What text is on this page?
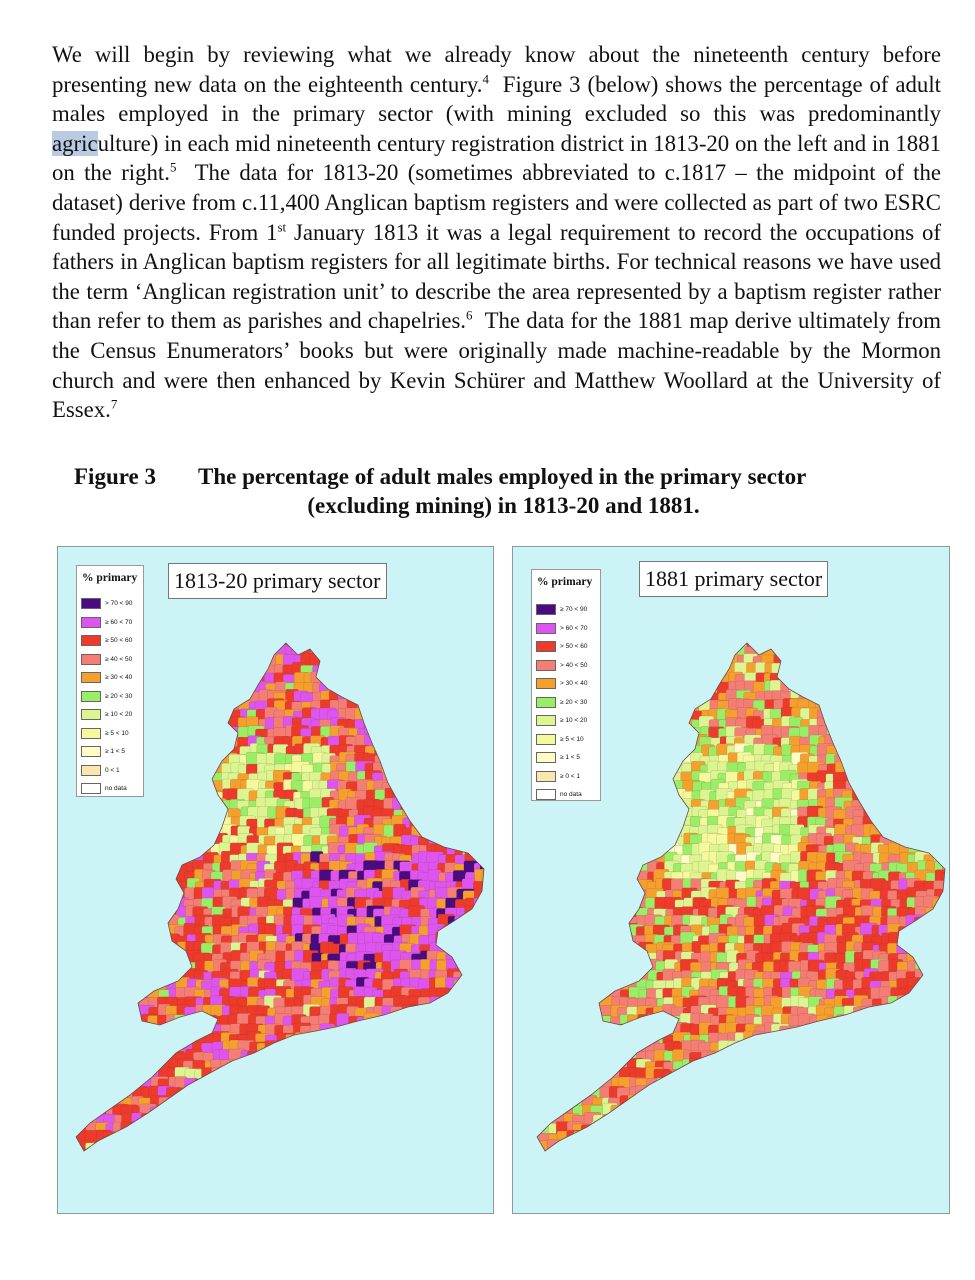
We will begin by reviewing what we already know about the nineteenth century before presenting new data on the eighteenth century.$^4$ Figure 3 (below) shows the percentage of adult males employed in the primary sector (with mining excluded so this was predominantly agriculture) in each mid nineteenth century registration district in 1813-20 on the left and in 1881 on the right.$^5$ The data for 1813-20 (sometimes abbreviated to c.1817 – the midpoint of the dataset) derive from c.11,400 Anglican baptism registers and were collected as part of two ESRC funded projects. From 1st January 1813 it was a legal requirement to record the occupations of fathers in Anglican baptism registers for all legitimate births. For technical reasons we have used the term ‘Anglican registration unit’ to describe the area represented by a baptism register rather than refer to them as parishes and chapelries.$^6$ The data for the 1881 map derive ultimately from the Census Enumerators’ books but were originally made machine-readable by the Mormon church and were then enhanced by Kevin Schürer and Matthew Woollard at the University of Essex.$^7$

Figure 3 The percentage of adult males employed in the primary sector
(excluding mining) in 1813-20 and 1881.
% primary
> 70 < 90
≥ 60 < 70
≥ 50 < 60
≥ 40 < 50
≥ 30 < 40
≥ 20 < 30
≥ 10 < 20
≥ 5 < 10
≥ 1 < 5
0 < 1
no data
1813-20 primary sector	% primary
≥ 70 < 90
> 60 < 70
> 50 < 60
> 40 < 50
> 30 < 40
≥ 20 < 30
≥ 10 < 20
≥ 5 < 10
≥ 1 < 5
≥ 0 < 1
no data
1881 primary sector
